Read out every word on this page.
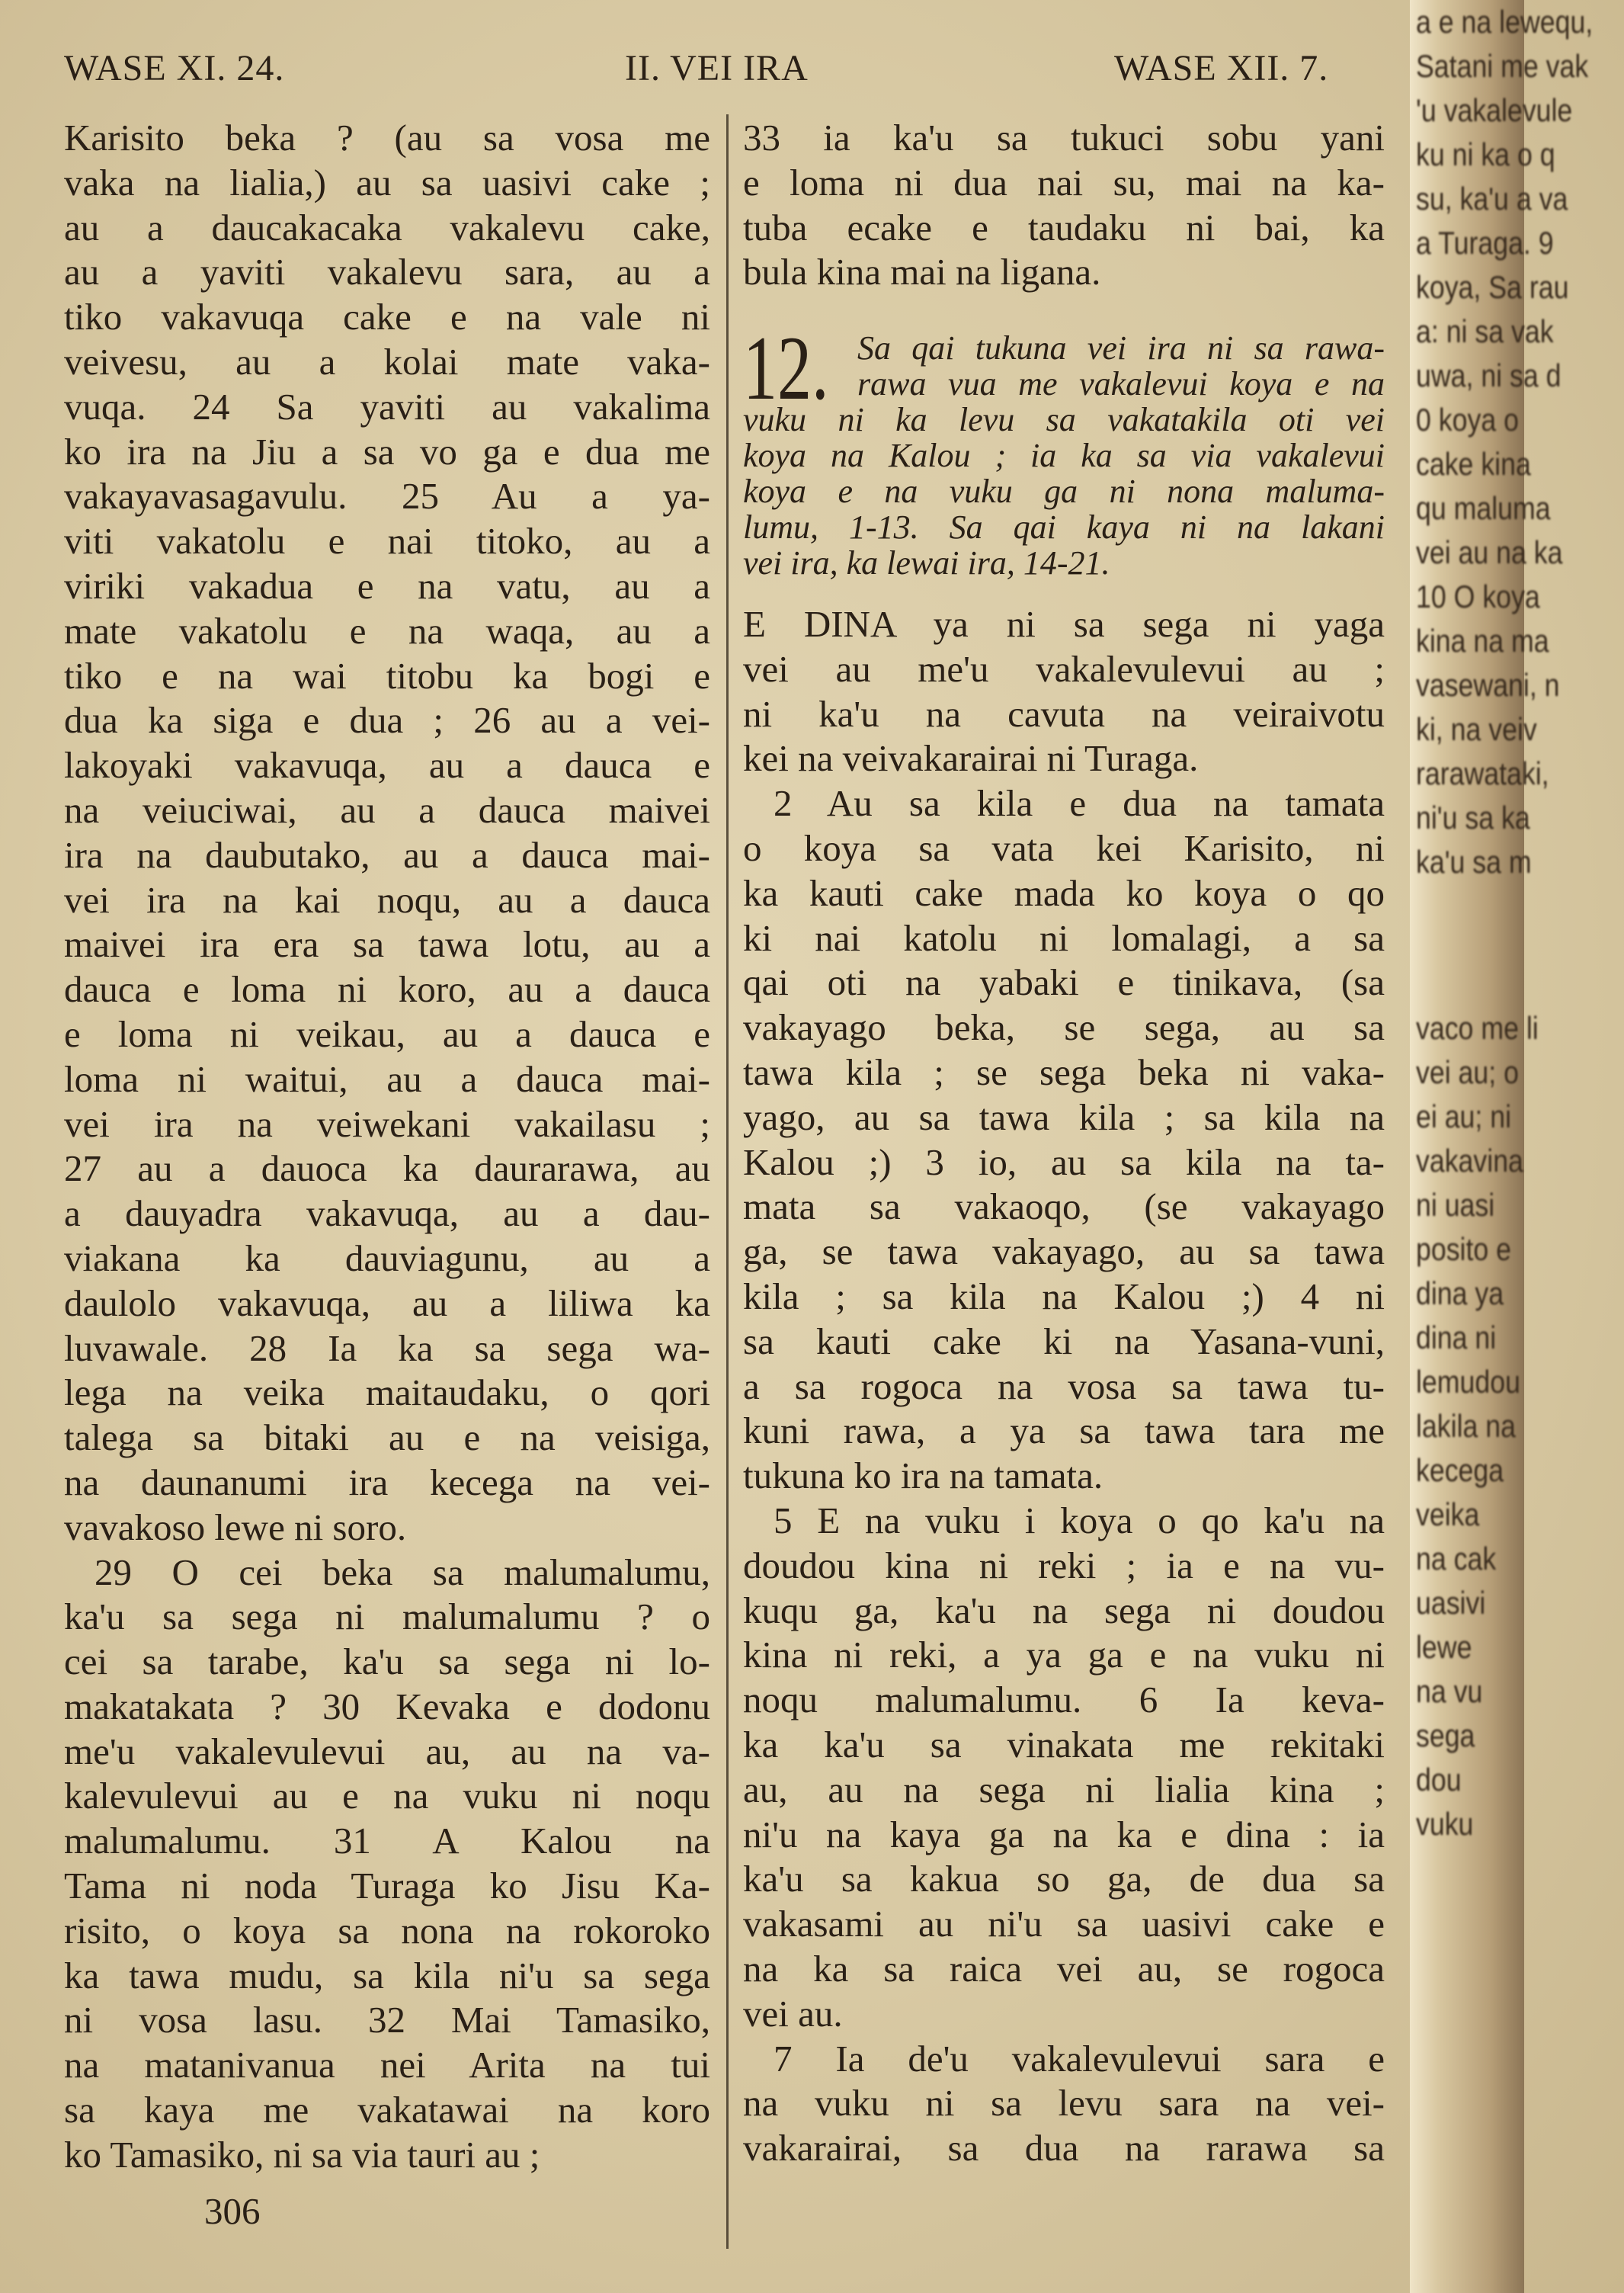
WASE XI. 24.	II. VEI IRA	WASE XII. 7.
Karisito beka ? (au sa vosa me
vaka na lialia,) au sa uasivi cake ;
au a daucakacaka vakalevu cake,
au a yaviti vakalevu sara, au a
tiko vakavuqa cake e na vale ni
veivesu, au a kolai mate vaka-
vuqa. 24 Sa yaviti au vakalima
ko ira na Jiu a sa vo ga e dua me
vakayavasagavulu. 25 Au a ya-
viti vakatolu e nai titoko, au a
viriki vakadua e na vatu, au a
mate vakatolu e na waqa, au a
tiko e na wai titobu ka bogi e
dua ka siga e dua ; 26 au a vei-
lakoyaki vakavuqa, au a dauca e
na veiuciwai, au a dauca maivei
ira na daubutako, au a dauca mai-
vei ira na kai noqu, au a dauca
maivei ira era sa tawa lotu, au a
dauca e loma ni koro, au a dauca
e loma ni veikau, au a dauca e
loma ni waitui, au a dauca mai-
vei ira na veiwekani vakailasu ;
27 au a dauoca ka daurarawa, au
a dauyadra vakavuqa, au a dau-
viakana ka dauviagunu, au a
daulolo vakavuqa, au a liliwa ka
luvawale. 28 Ia ka sa sega wa-
lega na veika maitaudaku, o qori
talega sa bitaki au e na veisiga,
na daunanumi ira kecega na vei-
vavakoso lewe ni soro.
29 O cei beka sa malumalumu,
ka'u sa sega ni malumalumu ? o
cei sa tarabe, ka'u sa sega ni lo-
makatakata ? 30 Kevaka e dodonu
me'u vakalevulevui au, au na va-
kalevulevui au e na vuku ni noqu
malumalumu. 31 A Kalou na
Tama ni noda Turaga ko Jisu Ka-
risito, o koya sa nona na rokoroko
ka tawa mudu, sa kila ni'u sa sega
ni vosa lasu. 32 Mai Tamasiko,
na matanivanua nei Arita na tui
sa kaya me vakatawai na koro
ko Tamasiko, ni sa via tauri au ;
33 ia ka'u sa tukuci sobu yani
e loma ni dua nai su, mai na ka-
tuba ecake e taudaku ni bai, ka
bula kina mai na ligana.
12. Sa qai tukuna vei ira ni sa rawa-
rawa vua me vakalevui koya e na
vuku ni ka levu sa vakatakila oti vei
koya na Kalou ; ia ka sa via vakalevui
koya e na vuku ga ni nona maluma-
lumu, 1-13. Sa qai kaya ni na lakani
vei ira, ka lewai ira, 14-21.
E DINA ya ni sa sega ni yaga
vei au me'u vakalevulevui au ;
ni ka'u na cavuta na veiraivotu
kei na veivakarairai ni Turaga.
2 Au sa kila e dua na tamata
o koya sa vata kei Karisito, ni
ka kauti cake mada ko koya o qo
ki nai katolu ni lomalagi, a sa
qai oti na yabaki e tinikava, (sa
vakayago beka, se sega, au sa
tawa kila ; se sega beka ni vaka-
yago, au sa tawa kila ; sa kila na
Kalou ;) 3 io, au sa kila na ta-
mata sa vakaoqo, (se vakayago
ga, se tawa vakayago, au sa tawa
kila ; sa kila na Kalou ;) 4 ni
sa kauti cake ki na Yasana-vuni,
a sa rogoca na vosa sa tawa tu-
kuni rawa, a ya sa tawa tara me
tukuna ko ira na tamata.
5 E na vuku i koya o qo ka'u na
doudou kina ni reki ; ia e na vu-
kuqu ga, ka'u na sega ni doudou
kina ni reki, a ya ga e na vuku ni
noqu malumalumu. 6 Ia keva-
ka ka'u sa vinakata me rekitaki
au, au na sega ni lialia kina ;
ni'u na kaya ga na ka e dina : ia
ka'u sa kakua so ga, de dua sa
vakasami au ni'u sa uasivi cake e
na ka sa raica vei au, se rogoca
vei au.
7 Ia de'u vakalevulevui sara e
na vuku ni sa levu sara na vei-
vakarairai, sa dua na rarawa sa
306
a e na lewequ,
Satani me vak
'u vakalevule
ku ni ka o q
su, ka'u a va
a Turaga. 9
koya, Sa rau
a: ni sa vak
uwa, ni sa d
0 koya o
cake kina
qu maluma
vei au na ka
10 O koya
kina na ma
vasewani, n
ki, na veiv
rarawataki,
ni'u sa ka
ka'u sa m
vaco me li
vei au; o
ei au; ni
vakavina
ni uasi
posito e
dina ya
dina ni
lemudou
lakila na
kecega
veika
na cak
uasivi
lewe
na vu
sega
dou
vuku
